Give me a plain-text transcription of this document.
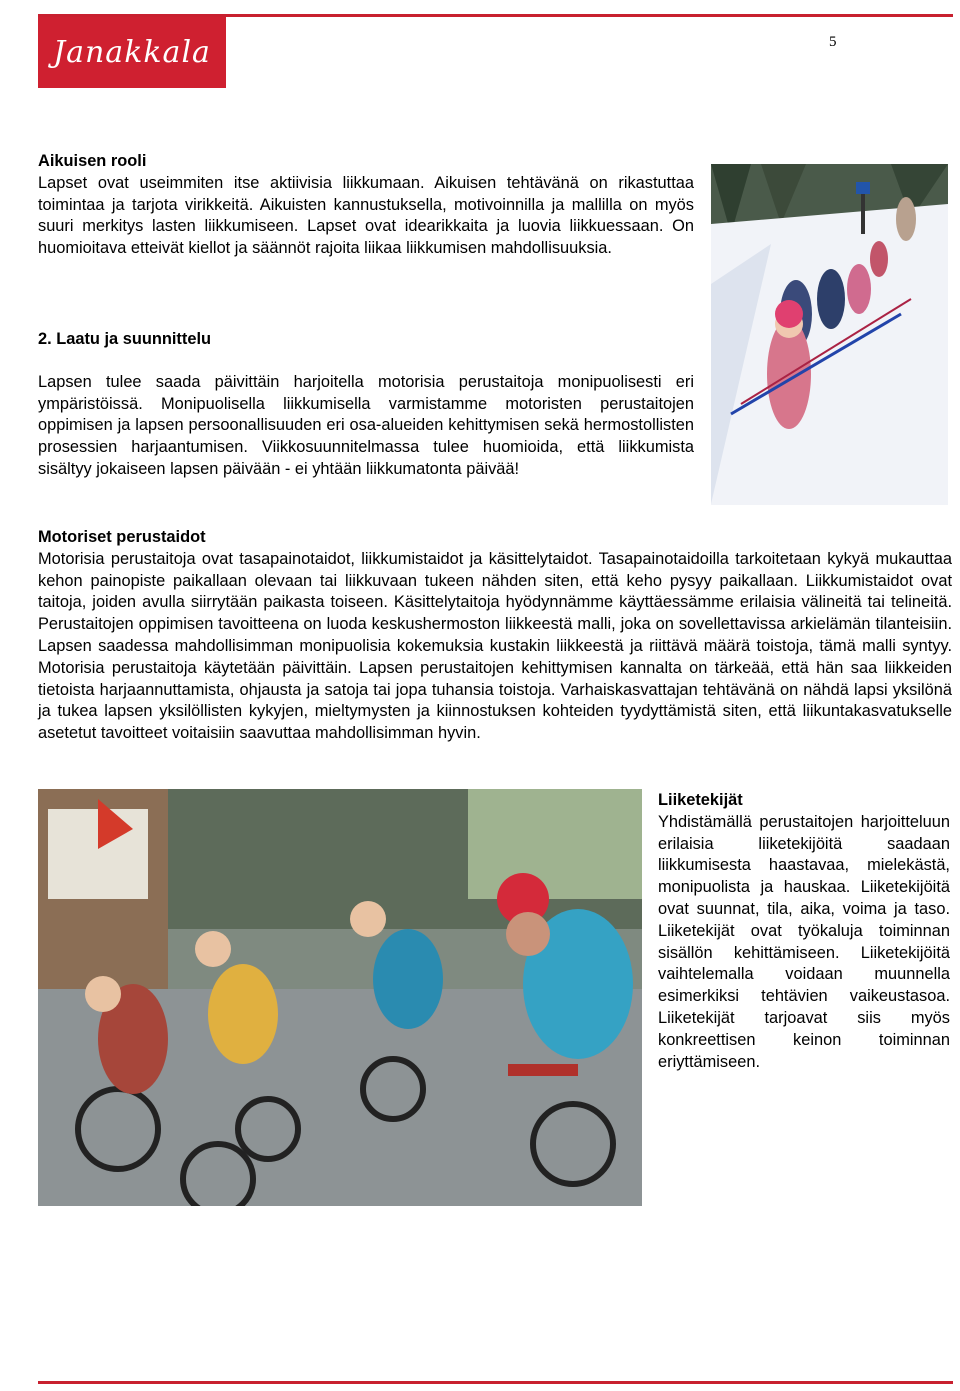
Janakkala	5
Aikuisen rooli

Lapset ovat useimmiten itse aktiivisia liikkumaan. Aikuisen tehtävänä on rikastuttaa toimintaa ja tarjota virikkeitä. Aikuisten kannustuksella, motivoinnilla ja mallilla on myös suuri merkitys lasten liikkumiseen. Lapset ovat idearikkaita ja luovia liikkuessaan. On huomioitava etteivät kiellot ja säännöt rajoita liikaa liikkumisen mahdollisuuksia.

2. Laatu ja suunnittelu

Lapsen tulee saada päivittäin harjoitella motorisia perustaitoja monipuolisesti eri ympäristöissä. Monipuolisella liikkumisella varmistamme motoristen perustaitojen oppimisen ja lapsen persoonallisuuden eri osa-alueiden kehittymisen sekä hermostollisten prosessien harjaantumisen. Viikkosuunnitelmassa tulee huomioida, että liikkumista sisältyy jokaiseen lapsen päivään - ei yhtään liikkumatonta päivää!

Motoriset perustaidot

Motorisia perustaitoja ovat tasapainotaidot, liikkumistaidot ja käsittelytaidot. Tasapainotaidoilla tarkoitetaan kykyä mukauttaa kehon painopiste paikallaan olevaan tai liikkuvaan tukeen nähden siten, että keho pysyy paikallaan. Liikkumistaidot ovat taitoja, joiden avulla siirrytään paikasta toiseen. Käsittelytaitoja hyödynnämme käyttäessämme erilaisia välineitä tai telineitä. Perustaitojen oppimisen tavoitteena on luoda keskushermoston liikkeestä malli, joka on sovellettavissa arkielämän tilanteisiin. Lapsen saadessa mahdollisimman monipuolisia kokemuksia kustakin liikkeestä ja riittävä määrä toistoja, tämä malli syntyy. Motorisia perustaitoja käytetään päivittäin. Lapsen perustaitojen kehittymisen kannalta on tärkeää, että hän saa liikkeiden tietoista harjaannuttamista, ohjausta ja satoja tai jopa tuhansia toistoja. Varhaiskasvattajan tehtävänä on nähdä lapsi yksilönä ja tukea lapsen yksilöllisten kykyjen, mieltymysten ja kiinnostuksen kohteiden tyydyttämistä siten, että liikuntakasvatukselle asetetut tavoitteet voitaisiin saavuttaa mahdollisimman hyvin.

Liiketekijät

Yhdistämällä perustaitojen harjoitteluun erilaisia liiketekijöitä saadaan liikkumisesta haastavaa, mielekästä, monipuolista ja hauskaa. Liiketekijöitä ovat suunnat, tila, aika, voima ja taso. Liiketekijät ovat työkaluja toiminnan sisällön kehittämiseen. Liiketekijöitä vaihtelemalla voidaan muunnella esimerkiksi tehtävien vaikeustasoa. Liiketekijät tarjoavat siis myös konkreettisen keinon toiminnan eriyttämiseen.
